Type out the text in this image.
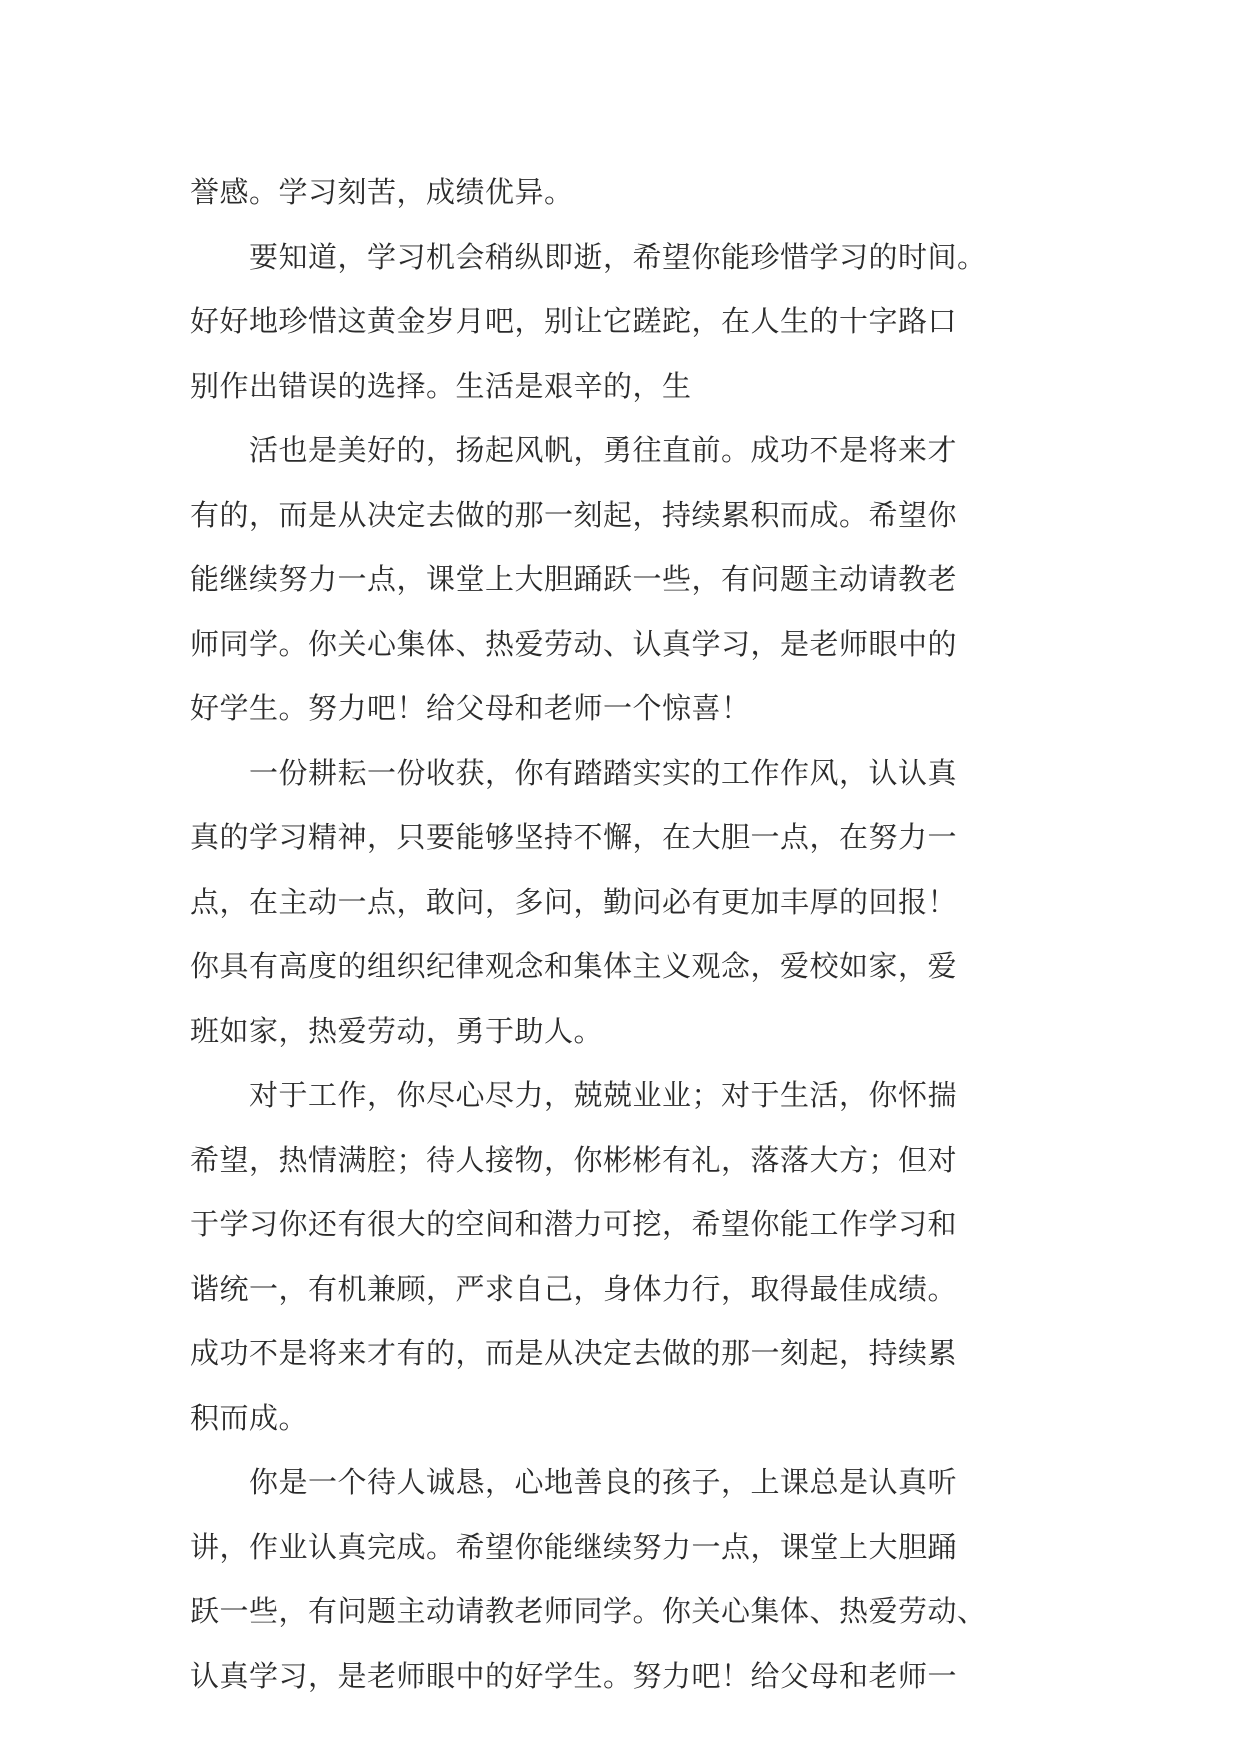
誉感。学习刻苦，成绩优异。
　　要知道，学习机会稍纵即逝，希望你能珍惜学习的时间。
好好地珍惜这黄金岁月吧，别让它蹉跎，在人生的十字路口
别作出错误的选择。生活是艰辛的，生
　　活也是美好的，扬起风帆，勇往直前。成功不是将来才
有的，而是从决定去做的那一刻起，持续累积而成。希望你
能继续努力一点，课堂上大胆踊跃一些，有问题主动请教老
师同学。你关心集体、热爱劳动、认真学习，是老师眼中的
好学生。努力吧！给父母和老师一个惊喜！
　　一份耕耘一份收获，你有踏踏实实的工作作风，认认真
真的学习精神，只要能够坚持不懈，在大胆一点，在努力一
点，在主动一点，敢问，多问，勤问必有更加丰厚的回报！
你具有高度的组织纪律观念和集体主义观念，爱校如家，爱
班如家，热爱劳动，勇于助人。
　　对于工作，你尽心尽力，兢兢业业；对于生活，你怀揣
希望，热情满腔；待人接物，你彬彬有礼，落落大方；但对
于学习你还有很大的空间和潜力可挖，希望你能工作学习和
谐统一，有机兼顾，严求自己，身体力行，取得最佳成绩。
成功不是将来才有的，而是从决定去做的那一刻起，持续累
积而成。
　　你是一个待人诚恳，心地善良的孩子，上课总是认真听
讲，作业认真完成。希望你能继续努力一点，课堂上大胆踊
跃一些，有问题主动请教老师同学。你关心集体、热爱劳动、
认真学习，是老师眼中的好学生。努力吧！给父母和老师一
